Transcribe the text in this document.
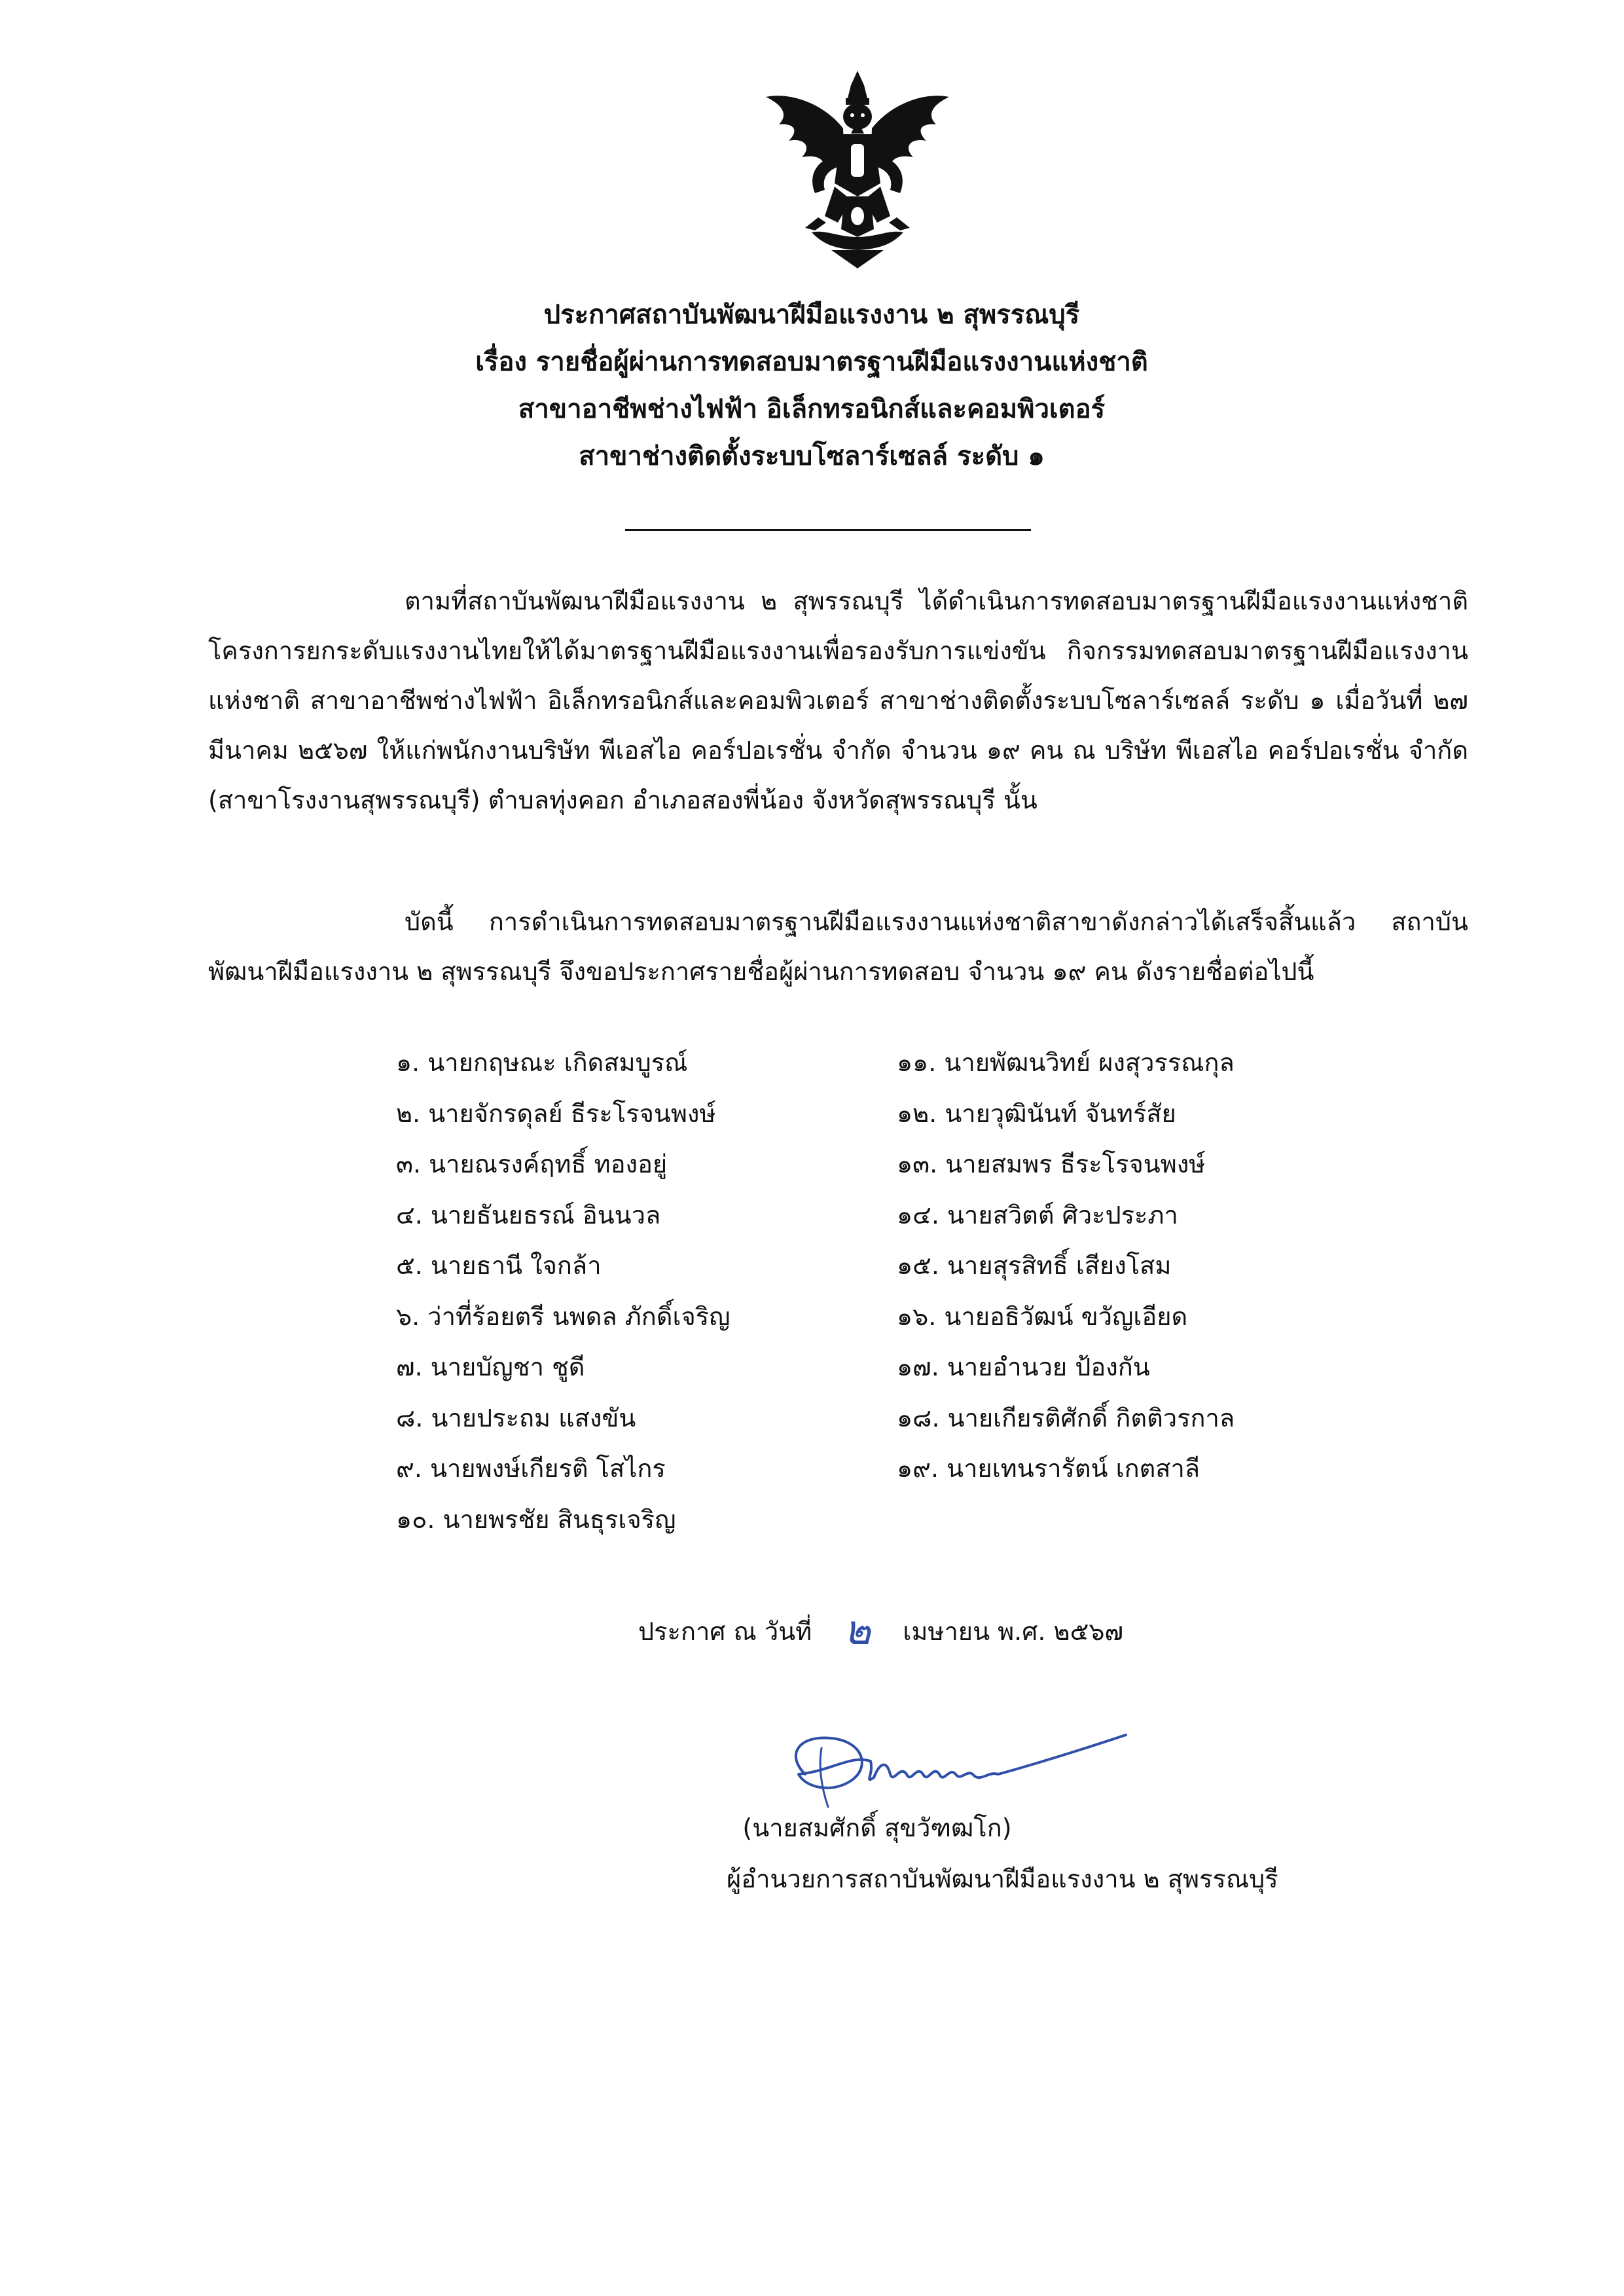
ประกาศสถาบันพัฒนาฝีมือแรงงาน ๒ สุพรรณบุรี
เรื่อง รายชื่อผู้ผ่านการทดสอบมาตรฐานฝีมือแรงงานแห่งชาติ
สาขาอาชีพช่างไฟฟ้า อิเล็กทรอนิกส์และคอมพิวเตอร์
สาขาช่างติดตั้งระบบโซลาร์เซลล์ ระดับ ๑
ตามที่สถาบันพัฒนาฝีมือแรงงาน ๒ สุพรรณบุรี ได้ดำเนินการทดสอบมาตรฐานฝีมือแรงงานแห่งชาติ โครงการยกระดับแรงงานไทยให้ได้มาตรฐานฝีมือแรงงานเพื่อรองรับการแข่งขัน กิจกรรมทดสอบมาตรฐานฝีมือแรงงานแห่งชาติ สาขาอาชีพช่างไฟฟ้า อิเล็กทรอนิกส์และคอมพิวเตอร์ สาขาช่างติดตั้งระบบโซลาร์เซลล์ ระดับ ๑ เมื่อวันที่ ๒๗ มีนาคม ๒๕๖๗ ให้แก่พนักงานบริษัท พีเอสไอ คอร์ปอเรชั่น จำกัด จำนวน ๑๙ คน ณ บริษัท พีเอสไอ คอร์ปอเรชั่น จำกัด (สาขาโรงงานสุพรรณบุรี) ตำบลทุ่งคอก อำเภอสองพี่น้อง จังหวัดสุพรรณบุรี นั้น
บัดนี้ การดำเนินการทดสอบมาตรฐานฝีมือแรงงานแห่งชาติสาขาดังกล่าวได้เสร็จสิ้นแล้ว สถาบันพัฒนาฝีมือแรงงาน ๒ สุพรรณบุรี จึงขอประกาศรายชื่อผู้ผ่านการทดสอบ จำนวน ๑๙ คน ดังรายชื่อต่อไปนี้
๑. นายกฤษณะ เกิดสมบูรณ์
๒. นายจักรดุลย์ ธีระโรจนพงษ์
๓. นายณรงค์ฤทธิ์ ทองอยู่
๔. นายธันยธรณ์ อินนวล
๕. นายธานี ใจกล้า
๖. ว่าที่ร้อยตรี นพดล ภักดิ์เจริญ
๗. นายบัญชา ชูดี
๘. นายประถม แสงขัน
๙. นายพงษ์เกียรติ โสไกร
๑๐. นายพรชัย สินธุรเจริญ
๑๑. นายพัฒนวิทย์ ผงสุวรรณกุล
๑๒. นายวุฒินันท์ จันทร์สัย
๑๓. นายสมพร ธีระโรจนพงษ์
๑๔. นายสวิตต์ ศิวะประภา
๑๕. นายสุรสิทธิ์ เสียงโสม
๑๖. นายอธิวัฒน์ ขวัญเอียด
๑๗. นายอำนวย ป้องกัน
๑๘. นายเกียรติศักดิ์ กิตติวรกาล
๑๙. นายเทนรารัตน์ เกตสาลี
ประกาศ ณ วันที่ ๒ เมษายน พ.ศ. ๒๕๖๗
(นายสมศักดิ์ สุขวัฑฒโก)
ผู้อำนวยการสถาบันพัฒนาฝีมือแรงงาน ๒ สุพรรณบุรี
